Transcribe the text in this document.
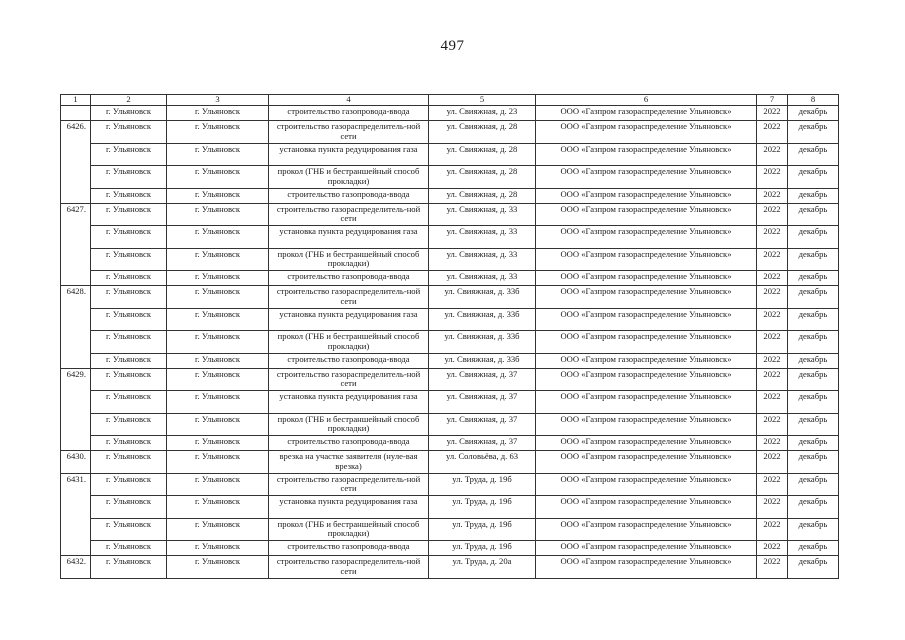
497
1	2	3	4	5	6	7	8
	г. Ульяновск	г. Ульяновск	строительство газопровода-ввода	ул. Свияжная, д. 23	ООО «Газпром газораспределение Ульяновск»	2022	декабрь
6426.	г. Ульяновск	г. Ульяновск	строительство газораспределитель-ной сети	ул. Свияжная, д. 28	ООО «Газпром газораспределение Ульяновск»	2022	декабрь
	г. Ульяновск	г. Ульяновск	установка пункта редуцирования газа	ул. Свияжная, д. 28	ООО «Газпром газораспределение Ульяновск»	2022	декабрь
	г. Ульяновск	г. Ульяновск	прокол (ГНБ и бестраншейный способ прокладки)	ул. Свияжная, д. 28	ООО «Газпром газораспределение Ульяновск»	2022	декабрь
	г. Ульяновск	г. Ульяновск	строительство газопровода-ввода	ул. Свияжная, д. 28	ООО «Газпром газораспределение Ульяновск»	2022	декабрь
6427.	г. Ульяновск	г. Ульяновск	строительство газораспределитель-ной сети	ул. Свияжная, д. 33	ООО «Газпром газораспределение Ульяновск»	2022	декабрь
	г. Ульяновск	г. Ульяновск	установка пункта редуцирования газа	ул. Свияжная, д. 33	ООО «Газпром газораспределение Ульяновск»	2022	декабрь
	г. Ульяновск	г. Ульяновск	прокол (ГНБ и бестраншейный способ прокладки)	ул. Свияжная, д. 33	ООО «Газпром газораспределение Ульяновск»	2022	декабрь
	г. Ульяновск	г. Ульяновск	строительство газопровода-ввода	ул. Свияжная, д. 33	ООО «Газпром газораспределение Ульяновск»	2022	декабрь
6428.	г. Ульяновск	г. Ульяновск	строительство газораспределитель-ной сети	ул. Свияжная, д. 33б	ООО «Газпром газораспределение Ульяновск»	2022	декабрь
	г. Ульяновск	г. Ульяновск	установка пункта редуцирования газа	ул. Свияжная, д. 33б	ООО «Газпром газораспределение Ульяновск»	2022	декабрь
	г. Ульяновск	г. Ульяновск	прокол (ГНБ и бестраншейный способ прокладки)	ул. Свияжная, д. 33б	ООО «Газпром газораспределение Ульяновск»	2022	декабрь
	г. Ульяновск	г. Ульяновск	строительство газопровода-ввода	ул. Свияжная, д. 33б	ООО «Газпром газораспределение Ульяновск»	2022	декабрь
6429.	г. Ульяновск	г. Ульяновск	строительство газораспределитель-ной сети	ул. Свияжная, д. 37	ООО «Газпром газораспределение Ульяновск»	2022	декабрь
	г. Ульяновск	г. Ульяновск	установка пункта редуцирования газа	ул. Свияжная, д. 37	ООО «Газпром газораспределение Ульяновск»	2022	декабрь
	г. Ульяновск	г. Ульяновск	прокол (ГНБ и бестраншейный способ прокладки)	ул. Свияжная, д. 37	ООО «Газпром газораспределение Ульяновск»	2022	декабрь
	г. Ульяновск	г. Ульяновск	строительство газопровода-ввода	ул. Свияжная, д. 37	ООО «Газпром газораспределение Ульяновск»	2022	декабрь
6430.	г. Ульяновск	г. Ульяновск	врезка на участке заявителя (нуле-вая врезка)	ул. Соловьёва, д. 63	ООО «Газпром газораспределение Ульяновск»	2022	декабрь
6431.	г. Ульяновск	г. Ульяновск	строительство газораспределитель-ной сети	ул. Труда, д. 19б	ООО «Газпром газораспределение Ульяновск»	2022	декабрь
	г. Ульяновск	г. Ульяновск	установка пункта редуцирования газа	ул. Труда, д. 19б	ООО «Газпром газораспределение Ульяновск»	2022	декабрь
	г. Ульяновск	г. Ульяновск	прокол (ГНБ и бестраншейный способ прокладки)	ул. Труда, д. 19б	ООО «Газпром газораспределение Ульяновск»	2022	декабрь
	г. Ульяновск	г. Ульяновск	строительство газопровода-ввода	ул. Труда, д. 19б	ООО «Газпром газораспределение Ульяновск»	2022	декабрь
6432.	г. Ульяновск	г. Ульяновск	строительство газораспределитель-ной сети	ул. Труда, д. 20а	ООО «Газпром газораспределение Ульяновск»	2022	декабрь
